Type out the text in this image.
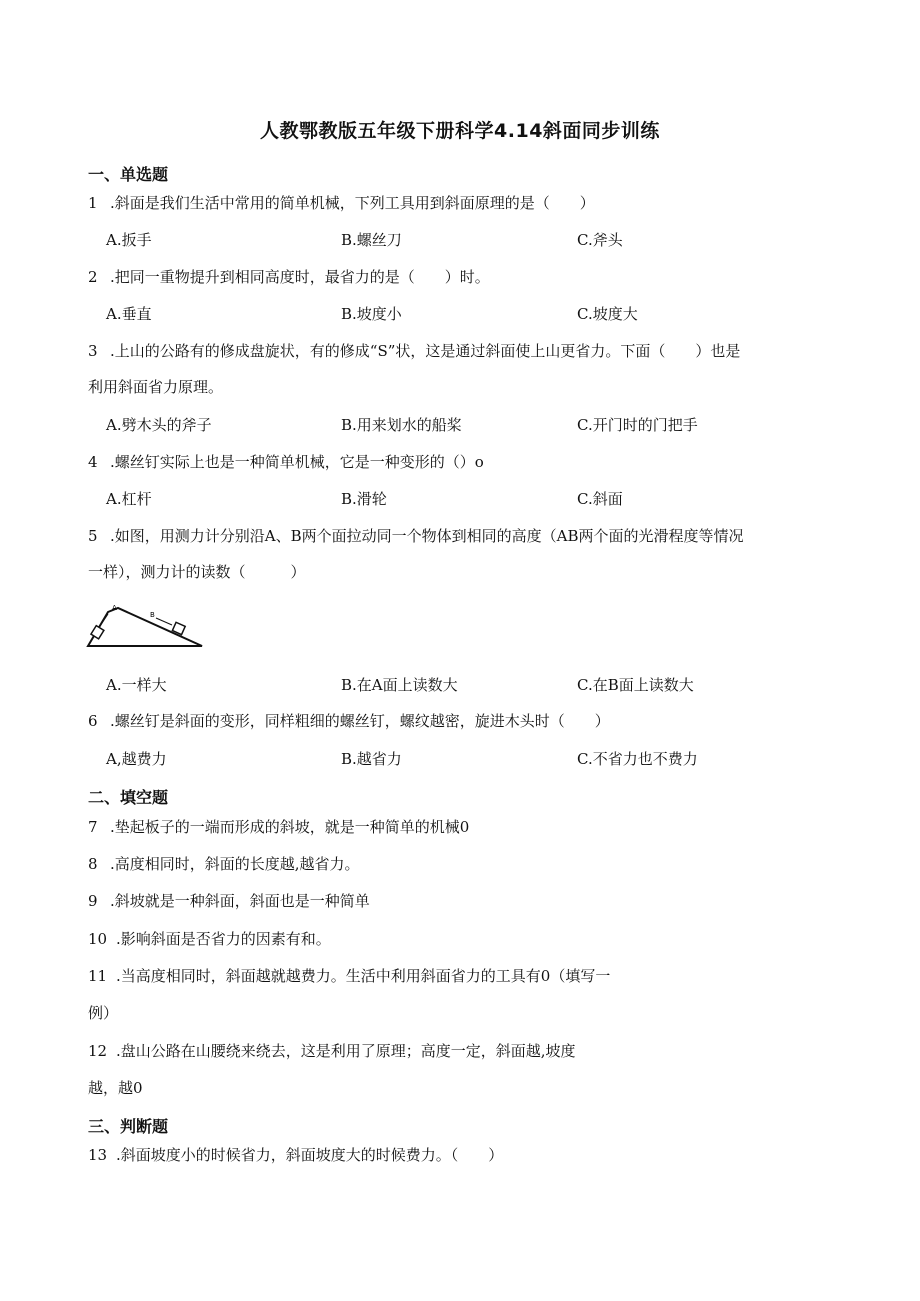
人教鄂教版五年级下册科学4.14斜面同步训练
一、单选题
1 .斜面是我们生活中常用的简单机械，下列工具用到斜面原理的是（　　）
A.扳手	B.螺丝刀	C.斧头
2 .把同一重物提升到相同高度时，最省力的是（　　）时。
A.垂直	B.坡度小	C.坡度大
3 .上山的公路有的修成盘旋状，有的修成“S”状，这是通过斜面使上山更省力。下面（　　）也是
利用斜面省力原理。
A.劈木头的斧子	B.用来划水的船桨	C.开门时的门把手
4 .螺丝钉实际上也是一种简单机械，它是一种变形的（）o
A.杠杆	B.滑轮	C.斜面
5 .如图，用测力计分别沿A、B两个面拉动同一个物体到相同的高度（AB两个面的光滑程度等情况
一样），测力计的读数（　　　）
A
B
A.一样大	B.在A面上读数大	C.在B面上读数大
6 .螺丝钉是斜面的变形，同样粗细的螺丝钉，螺纹越密，旋进木头时（　　）
A,越费力	B.越省力	C.不省力也不费力
二、填空题
7 .垫起板子的一端而形成的斜坡，就是一种简单的机械0
8 .高度相同时，斜面的长度越,越省力。
9 .斜坡就是一种斜面，斜面也是一种简单
10 .影响斜面是否省力的因素有和。
11 .当高度相同时，斜面越就越费力。生活中利用斜面省力的工具有0（填写一
例）
12 .盘山公路在山腰绕来绕去，这是利用了原理；高度一定，斜面越,坡度
越，越0
三、判断题
13 .斜面坡度小的时候省力，斜面坡度大的时候费力。（　　）
